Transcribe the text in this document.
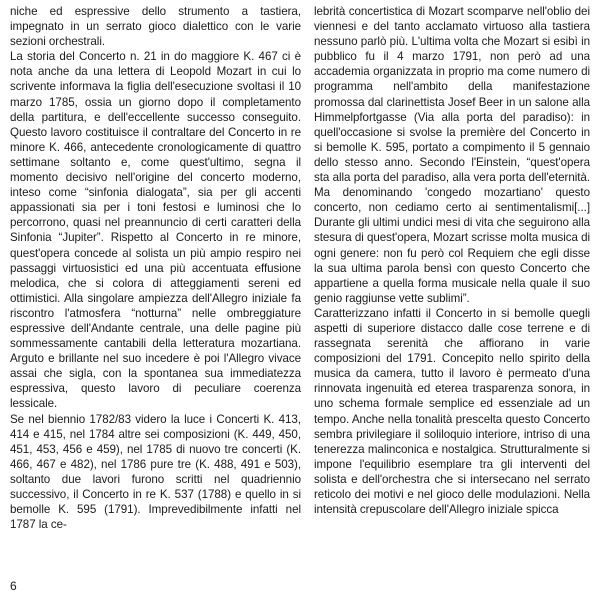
niche ed espressive dello strumento a tastiera, impegnato in un serrato gioco dialettico con le varie sezioni orchestrali.

La storia del Concerto n. 21 in do maggiore K. 467 ci è nota anche da una lettera di Leopold Mozart in cui lo scrivente informava la figlia dell'esecuzione svoltasi il 10 marzo 1785, ossia un giorno dopo il completamento della partitura, e dell'eccellente successo conseguito. Questo lavoro costituisce il contraltare del Concerto in re minore K. 466, antecedente cronologicamente di quattro settimane soltanto e, come quest'ultimo, segna il momento decisivo nell'origine del concerto moderno, inteso come “sinfonia dialogata”, sia per gli accenti appassionati sia per i toni festosi e luminosi che lo percorrono, quasi nel preannuncio di certi caratteri della Sinfonia “Jupiter”. Rispetto al Concerto in re minore, quest'opera concede al solista un più ampio respiro nei passaggi virtuosistici ed una più accentuata effusione melodica, che si colora di atteggiamenti sereni ed ottimistici. Alla singolare ampiezza dell'Allegro iniziale fa riscontro l'atmosfera “notturna” nelle ombreggiature espressive dell'Andante centrale, una delle pagine più sommessamente cantabili della letteratura mozartiana. Arguto e brillante nel suo incedere è poi l'Allegro vivace assai che sigla, con la spontanea sua immediatezza espressiva, questo lavoro di peculiare coerenza lessicale.

Se nel biennio 1782/83 videro la luce i Concerti K. 413, 414 e 415, nel 1784 altre sei composizioni (K. 449, 450, 451, 453, 456 e 459), nel 1785 di nuovo tre concerti (K. 466, 467 e 482), nel 1786 pure tre (K. 488, 491 e 503), soltanto due lavori furono scritti nel quadriennio successivo, il Concerto in re K. 537 (1788) e quello in si bemolle K. 595 (1791). Imprevedibilmente infatti nel 1787 la ce-

lebrità concertistica di Mozart scomparve nell'oblio dei viennesi e del tanto acclamato virtuoso alla tastiera nessuno parlò più. L'ultima volta che Mozart si esibì in pubblico fu il 4 marzo 1791, non però ad una accademia organizzata in proprio ma come numero di programma nell'ambito della manifestazione promossa dal clarinettista Josef Beer in un salone alla Himmelpfortgasse (Via alla porta del paradiso): in quell'occasione si svolse la première del Concerto in si bemolle K. 595, portato a compimento il 5 gennaio dello stesso anno. Secondo l'Einstein, “quest'opera sta alla porta del paradiso, alla vera porta dell'eternità. Ma denominando 'congedo mozartiano' questo concerto, non cediamo certo ai sentimentalismi[...] Durante gli ultimi undici mesi di vita che seguirono alla stesura di quest'opera, Mozart scrisse molta musica di ogni genere: non fu però col Requiem che egli disse la sua ultima parola bensì con questo Concerto che appartiene a quella forma musicale nella quale il suo genio raggiunse vette sublimi”.

Caratterizzano infatti il Concerto in si bemolle quegli aspetti di superiore distacco dalle cose terrene e di rassegnata serenità che affiorano in varie composizioni del 1791. Concepito nello spirito della musica da camera, tutto il lavoro è permeato d'una rinnovata ingenuità ed eterea trasparenza sonora, in uno schema formale semplice ed essenziale ad un tempo. Anche nella tonalità prescelta questo Concerto sembra privilegiare il soliloquio interiore, intriso di una tenerezza malinconica e nostalgica. Strutturalmente si impone l'equilibrio esemplare tra gli interventi del solista e dell'orchestra che si intersecano nel serrato reticolo dei motivi e nel gioco delle modulazioni. Nella intensità crepuscolare dell'Allegro iniziale spicca

6
